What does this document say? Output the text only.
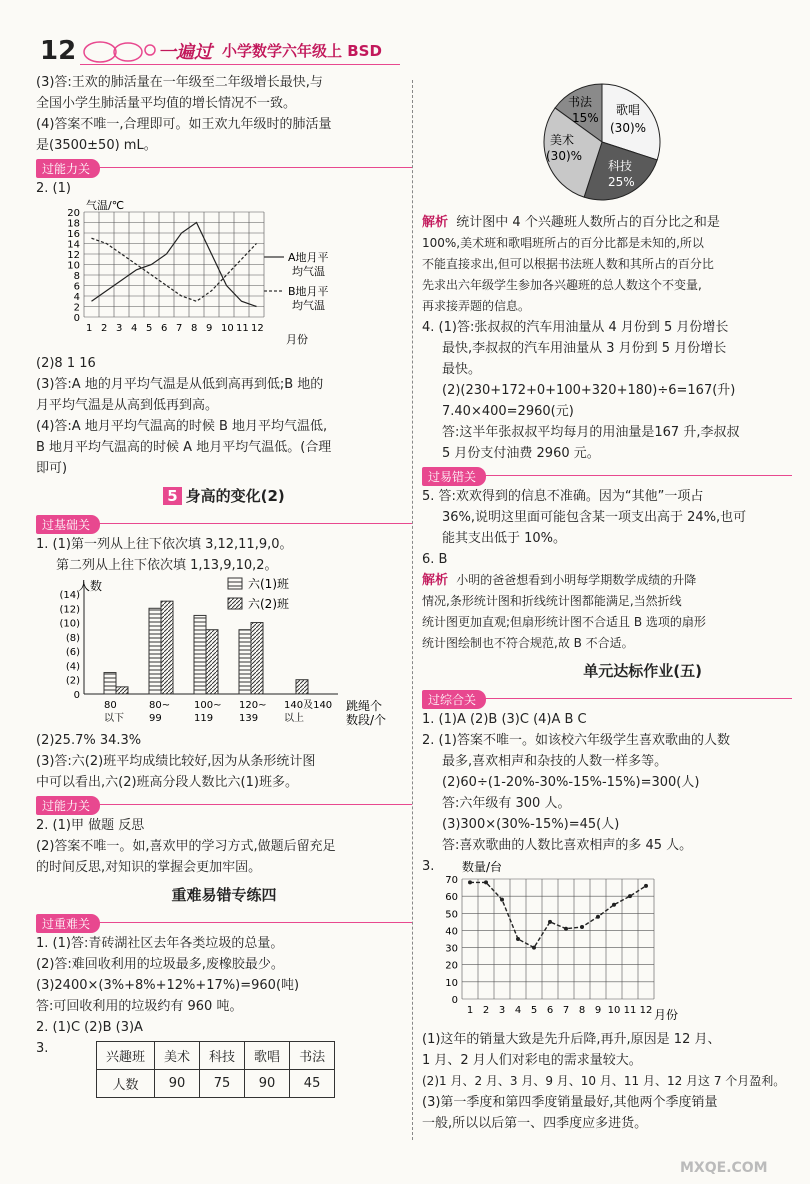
12	一遍过 小学数学六年级上 BSD

(3)答:王欢的肺活量在一年级至二年级增长最快,与

全国小学生肺活量平均值的增长情况不一致。

(4)答案不唯一,合理即可。如王欢九年级时的肺活量

是(3500±50) mL。

过能力关

2. (1)

气温/℃
月份
A地月平
均气温
B地月平
均气温
20
18
16
14
12
10
8
6
4
2
0
1 2 3 4 5 6 7 8 9 10 11 12

(2)8 1 16

(3)答:A 地的月平均气温是从低到高再到低;B 地的

月平均气温是从高到低再到高。

(4)答:A 地月平均气温高的时候 B 地月平均气温低,

B 地月平均气温高的时候 A 地月平均气温低。(合理

即可)

5 身高的变化(2)
过基础关

1. (1)第一列从上往下依次填 3,12,11,9,0。

第二列从上往下依次填 1,13,9,10,2。

人数	六(1)班
六(2)班
跳绳个
数段/个
(14)
(12)
(10)
(8)
(6)
(4)
(2)
0
80
以下
80~
99
100~
119
120~
139
140及140
以上

(2)25.7% 34.3%

(3)答:六(2)班平均成绩比较好,因为从条形统计图

中可以看出,六(2)班高分段人数比六(1)班多。

过能力关

2. (1)甲 做题 反思

(2)答案不唯一。如,喜欢甲的学习方式,做题后留充足

的时间反思,对知识的掌握会更加牢固。

重难易错专练四
过重难关

1. (1)答:青砖湖社区去年各类垃圾的总量。

(2)答:难回收利用的垃圾最多,废橡胶最少。

(3)2400×(3%+8%+12%+17%)=960(吨)

答:可回收利用的垃圾约有 960 吨。

2. (1)C (2)B (3)A

3.

兴趣班	美术	科技	歌唱	书法
人数	90	75	90	45
书法
15%
歌唱
(30)%
科技
25%
美术
(30)%

解析 统计图中 4 个兴趣班人数所占的百分比之和是

100%,美术班和歌唱班所占的百分比都是未知的,所以

不能直接求出,但可以根据书法班人数和其所占的百分比

先求出六年级学生参加各兴趣班的总人数这个不变量,

再求接弄题的信息。

4. (1)答:张叔叔的汽车用油量从 4 月份到 5 月份增长

最快,李叔叔的汽车用油量从 3 月份到 5 月份增长

最快。

(2)(230+172+0+100+320+180)÷6=167(升)

7.40×400=2960(元)

答:这半年张叔叔平均每月的用油量是167 升,李叔叔

5 月份支付油费 2960 元。

过易错关

5. 答:欢欢得到的信息不准确。因为“其他”一项占

36%,说明这里面可能包含某一项支出高于 24%,也可

能其支出低于 10%。

6. B

解析 小明的爸爸想看到小明每学期数学成绩的升降

情况,条形统计图和折线统计图都能满足,当然折线

统计图更加直观;但扇形统计图不合适且 B 选项的扇形

统计图绘制也不符合规范,故 B 不合适。

单元达标作业(五)
过综合关

1. (1)A (2)B (3)C (4)A B C

2. (1)答案不唯一。如该校六年级学生喜欢歌曲的人数

最多,喜欢相声和杂技的人数一样多等。

(2)60÷(1-20%-30%-15%-15%)=300(人)

答:六年级有 300 人。

(3)300×(30%-15%)=45(人)

答:喜欢歌曲的人数比喜欢相声的多 45 人。

3.	数量/台
月份
70
60
50
40
30
20
10
0
1 2 3 4 5 6 7 8 9 10 11 12

(1)这年的销量大致是先升后降,再升,原因是 12 月、

1 月、2 月人们对彩电的需求量较大。

(2)1 月、2 月、3 月、9 月、10 月、11 月、12 月这 7 个月盈利。

(3)第一季度和第四季度销量最好,其他两个季度销量

一般,所以以后第一、四季度应多进货。

MXQE.COM
